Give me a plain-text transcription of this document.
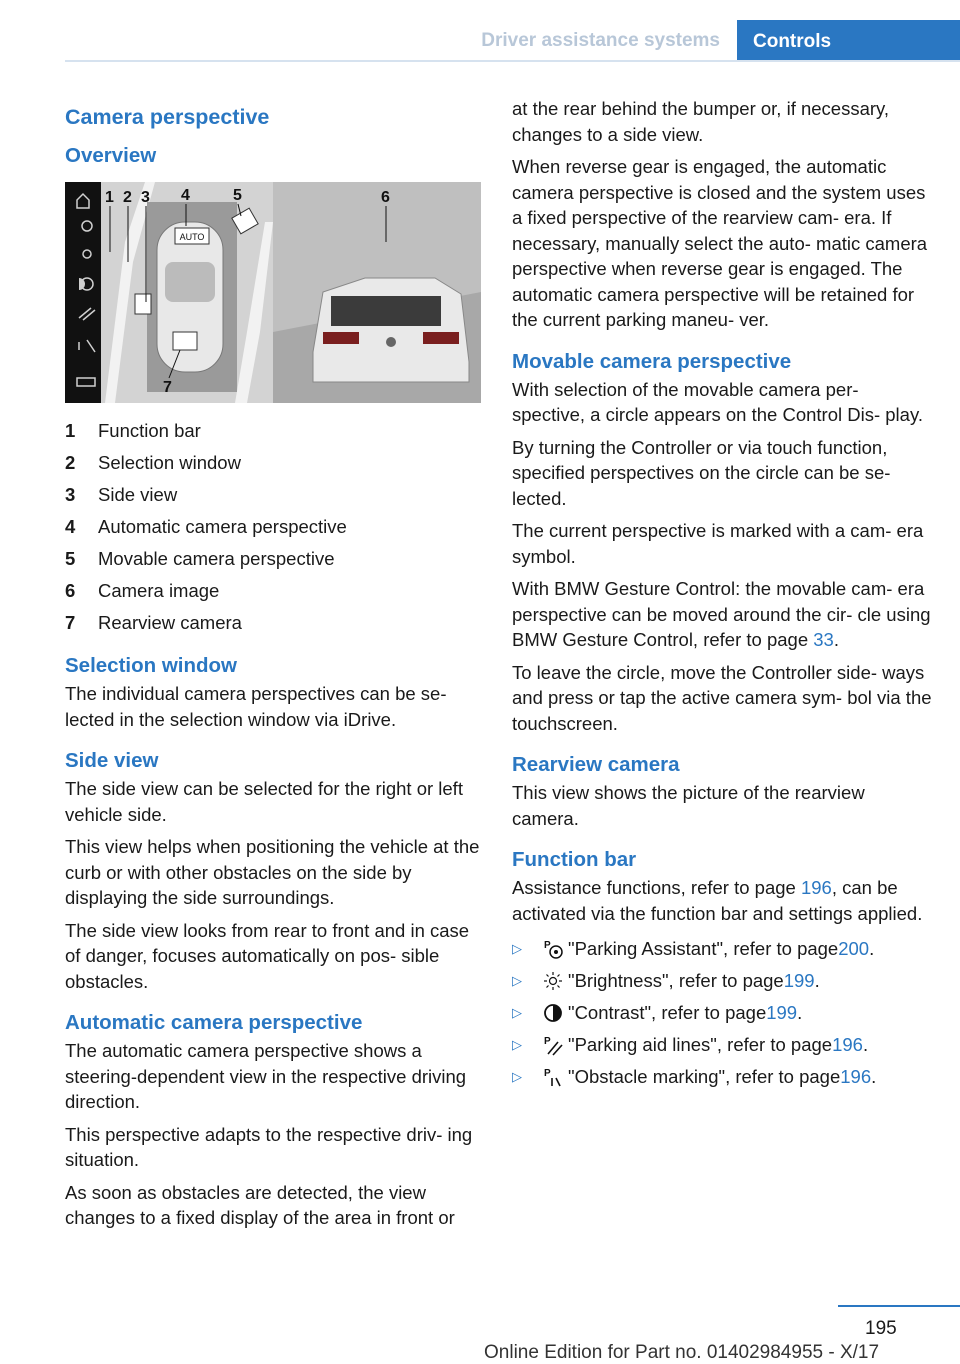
Driver assistance systems	Controls
Camera perspective
Overview
AUTO
1 2 3 4	5	6
7
1	Function bar
2	Selection window
3	Side view
4	Automatic camera perspective
5	Movable camera perspective
6	Camera image
7	Rearview camera
Selection window

The individual camera perspectives can be se‐ lected in the selection window via iDrive.

Side view

The side view can be selected for the right or left vehicle side.

This view helps when positioning the vehicle at the curb or with other obstacles on the side by displaying the side surroundings.

The side view looks from rear to front and in case of danger, focuses automatically on pos‐ sible obstacles.

Automatic camera perspective

The automatic camera perspective shows a steering-dependent view in the respective driving direction.

This perspective adapts to the respective driv‐ ing situation.

As soon as obstacles are detected, the view changes to a fixed display of the area in front or

at the rear behind the bumper or, if necessary, changes to a side view.

When reverse gear is engaged, the automatic camera perspective is closed and the system uses a fixed perspective of the rearview cam‐ era. If necessary, manually select the auto‐ matic camera perspective when reverse gear is engaged. The automatic camera perspective will be retained for the current parking maneu‐ ver.

Movable camera perspective

With selection of the movable camera per‐ spective, a circle appears on the Control Dis‐ play.

By turning the Controller or via touch function, specified perspectives on the circle can be se‐ lected.

The current perspective is marked with a cam‐ era symbol.

With BMW Gesture Control: the movable cam‐ era perspective can be moved around the cir‐ cle using BMW Gesture Control, refer to page 33.

To leave the circle, move the Controller side‐ ways and press or tap the active camera sym‐ bol via the touchscreen.

Rearview camera

This view shows the picture of the rearview camera.

Function bar

Assistance functions, refer to page 196, can be activated via the function bar and settings applied.

▷	P "Parking Assistant", refer to page 200 .
▷	"Brightness", refer to page 199 .
▷	"Contrast", refer to page 199 .
▷	P "Parking aid lines", refer to page 196 .
▷	P "Obstacle marking", refer to page 196 .
195
Online Edition for Part no. 01402984955 - X/17
